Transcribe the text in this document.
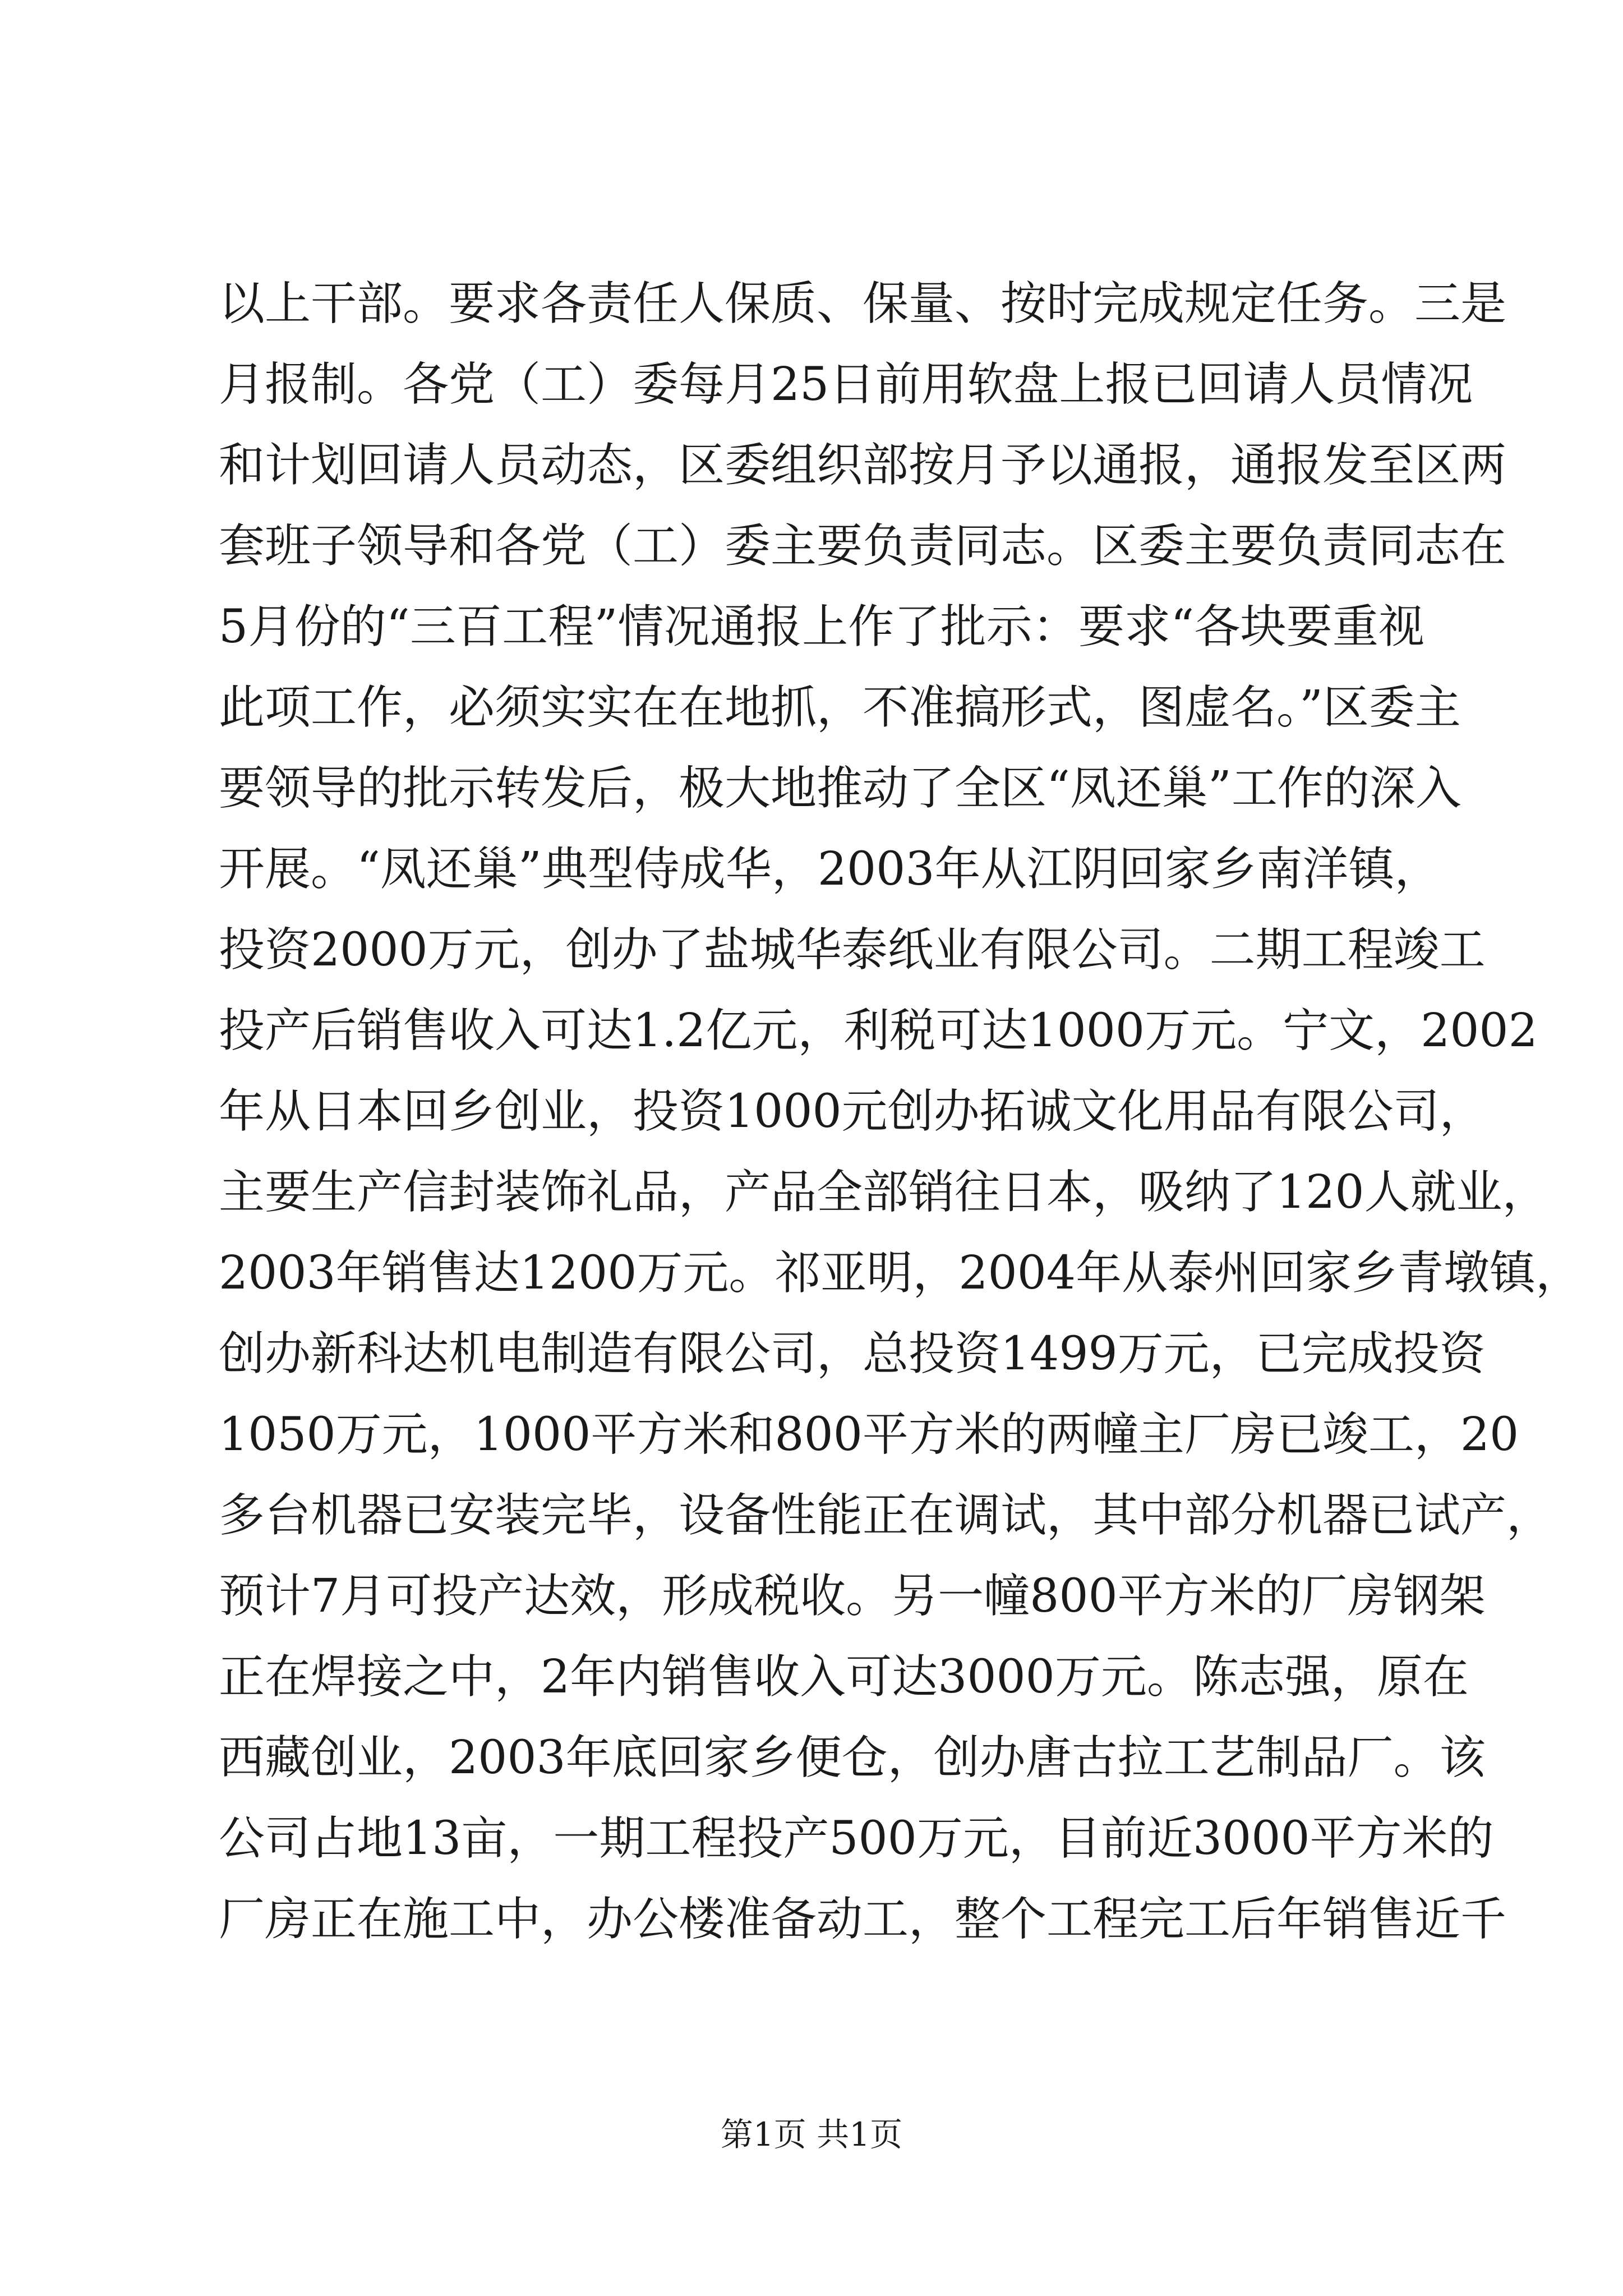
以上干部。要求各责任人保质、保量、按时完成规定任务。三是
月报制。各党（工）委每月25日前用软盘上报已回请人员情况
和计划回请人员动态，区委组织部按月予以通报，通报发至区两
套班子领导和各党（工）委主要负责同志。区委主要负责同志在
5月份的“三百工程”情况通报上作了批示：要求“各块要重视
此项工作，必须实实在在地抓，不准搞形式，图虚名。”区委主
要领导的批示转发后，极大地推动了全区“凤还巢”工作的深入
开展。“凤还巢”典型侍成华，2003年从江阴回家乡南洋镇，
投资2000万元，创办了盐城华泰纸业有限公司。二期工程竣工
投产后销售收入可达1.2亿元，利税可达1000万元。宁文，2002
年从日本回乡创业，投资1000元创办拓诚文化用品有限公司，
主要生产信封装饰礼品，产品全部销往日本，吸纳了120人就业，
2003年销售达1200万元。祁亚明，2004年从泰州回家乡青墩镇，
创办新科达机电制造有限公司，总投资1499万元，已完成投资
1050万元，1000平方米和800平方米的两幢主厂房已竣工，20
多台机器已安装完毕，设备性能正在调试，其中部分机器已试产，
预计7月可投产达效，形成税收。另一幢800平方米的厂房钢架
正在焊接之中，2年内销售收入可达3000万元。陈志强，原在
西藏创业，2003年底回家乡便仓，创办唐古拉工艺制品厂。该
公司占地13亩，一期工程投产500万元，目前近3000平方米的
厂房正在施工中，办公楼准备动工，整个工程完工后年销售近千
第1页 共1页
